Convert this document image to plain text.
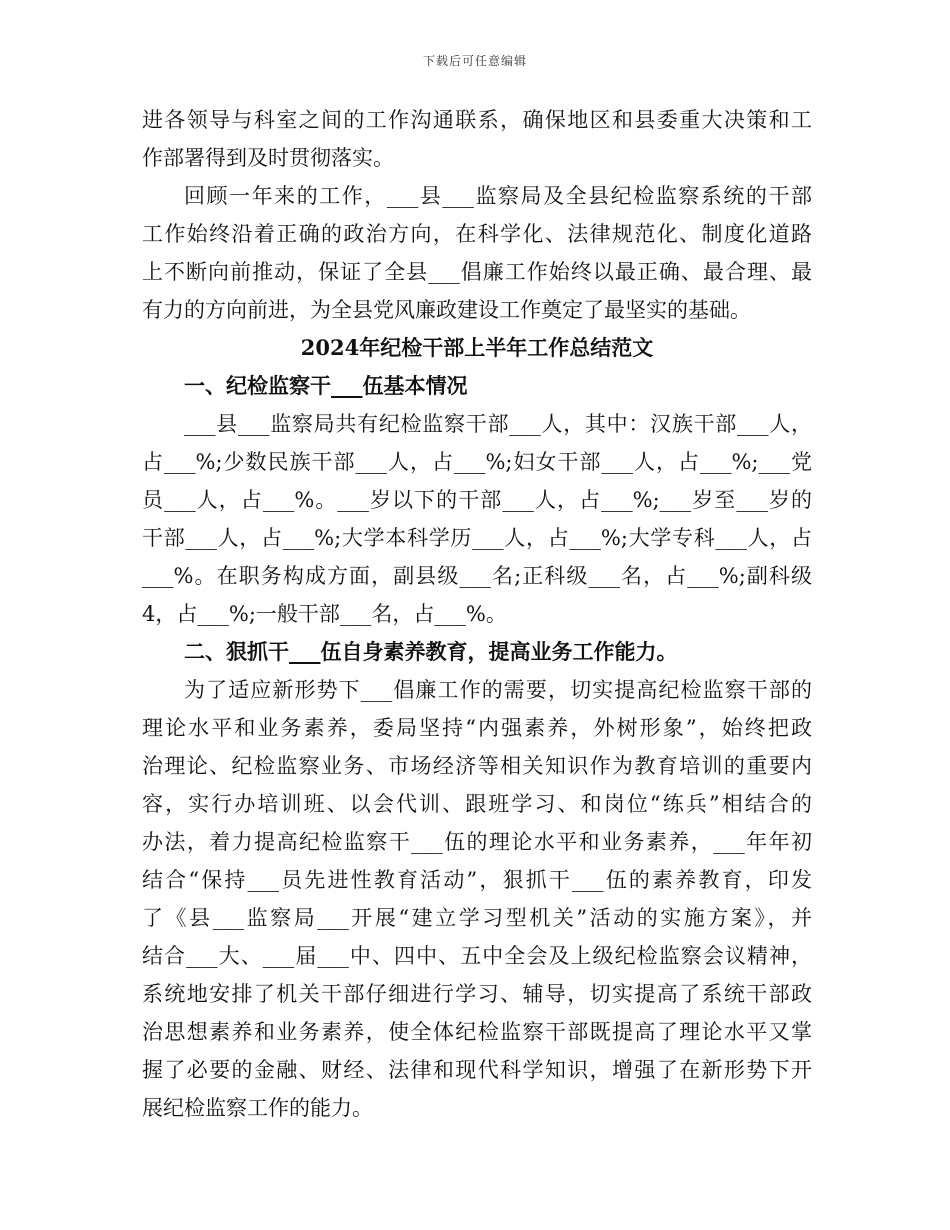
下载后可任意编辑
进各领导与科室之间的工作沟通联系，确保地区和县委重大决策和工
作部署得到及时贯彻落实。
回顾一年来的工作，___县___监察局及全县纪检监察系统的干部
工作始终沿着正确的政治方向，在科学化、法律规范化、制度化道路
上不断向前推动，保证了全县___倡廉工作始终以最正确、最合理、最
有力的方向前进，为全县党风廉政建设工作奠定了最坚实的基础。
2024年纪检干部上半年工作总结范文
一、纪检监察干___伍基本情况
___县___监察局共有纪检监察干部___人，其中：汉族干部___人，
占___%;少数民族干部___人，占___%;妇女干部___人，占___%;___党
员___人，占___%。___岁以下的干部___人，占___%;___岁至___岁的
干部___人，占___%;大学本科学历___人，占___%;大学专科___人，占
___%。在职务构成方面，副县级___名;正科级___名，占___%;副科级
4，占___%;一般干部___名，占___%。
二、狠抓干___伍自身素养教育，提高业务工作能力。
为了适应新形势下___倡廉工作的需要，切实提高纪检监察干部的
理论水平和业务素养，委局坚持“内强素养，外树形象”，始终把政
治理论、纪检监察业务、市场经济等相关知识作为教育培训的重要内
容，实行办培训班、以会代训、跟班学习、和岗位“练兵”相结合的
办法，着力提高纪检监察干___伍的理论水平和业务素养，___年年初
结合“保持___员先进性教育活动”，狠抓干___伍的素养教育，印发
了《县___监察局___开展“建立学习型机关”活动的实施方案》，并
结合___大、___届___中、四中、五中全会及上级纪检监察会议精神，
系统地安排了机关干部仔细进行学习、辅导，切实提高了系统干部政
治思想素养和业务素养，使全体纪检监察干部既提高了理论水平又掌
握了必要的金融、财经、法律和现代科学知识，增强了在新形势下开
展纪检监察工作的能力。
